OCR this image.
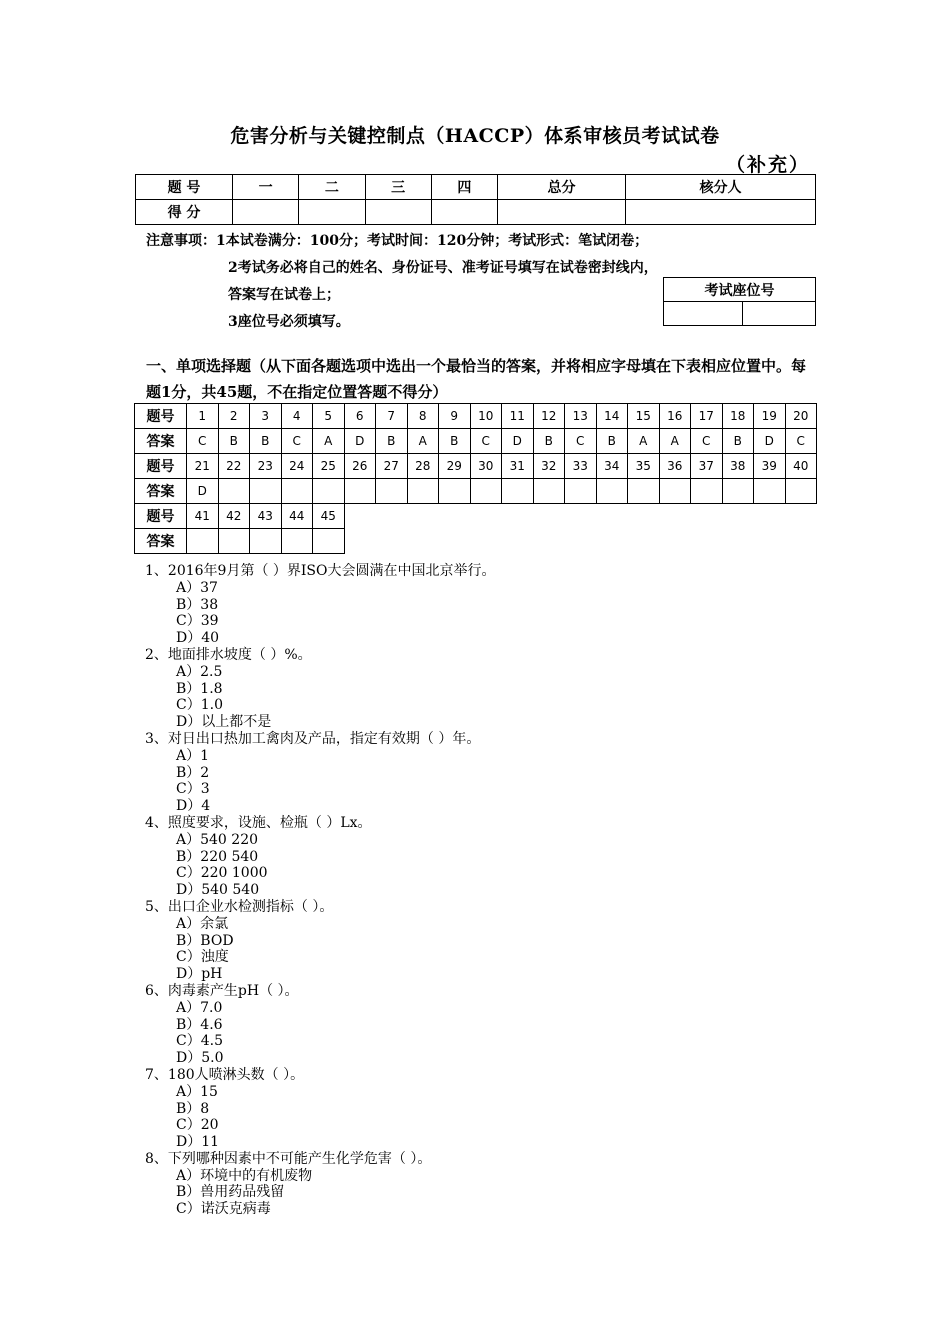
危害分析与关键控制点（HACCP）体系审核员考试试卷
（补充）
题 号	一	二	三	四	总分	核分人
得 分						
注意事项：1本试卷满分：100分；考试时间：120分钟；考试形式：笔试闭卷；
2考试务必将自己的姓名、身份证号、准考证号填写在试卷密封线内，
答案写在试卷上；
3座位号必须填写。
考试座位号

一、单项选择题（从下面各题选项中选出一个最恰当的答案，并将相应字母填在下表相应位置中。每题1分，共45题，不在指定位置答题不得分）
题号	1	2	3	4	5	6	7	8	9	10	11	12	13	14	15	16	17	18	19	20
答案	C	B	B	C	A	D	B	A	B	C	D	B	C	B	A	A	C	B	D	C
题号	21	22	23	24	25	26	27	28	29	30	31	32	33	34	35	36	37	38	39	40
答案	D																			
题号	41	42	43	44	45															
答案																				
1、2016年9月第（ ）界ISO大会圆满在中国北京举行。
A）37
B）38
C）39
D）40
2、地面排水坡度（ ）%。
A）2.5
B）1.8
C）1.0
D）以上都不是
3、对日出口热加工禽肉及产品，指定有效期（ ）年。
A）1
B）2
C）3
D）4
4、照度要求，设施、检瓶（ ）Lx。
A）540 220
B）220 540
C）220 1000
D）540 540
5、出口企业水检测指标（ ）。
A）余氯
B）BOD
C）浊度
D）pH
6、肉毒素产生pH（ ）。
A）7.0
B）4.6
C）4.5
D）5.0
7、180人喷淋头数（ ）。
A）15
B）8
C）20
D）11
8、下列哪种因素中不可能产生化学危害（ ）。
A）环境中的有机废物
B）兽用药品残留
C）诺沃克病毒
